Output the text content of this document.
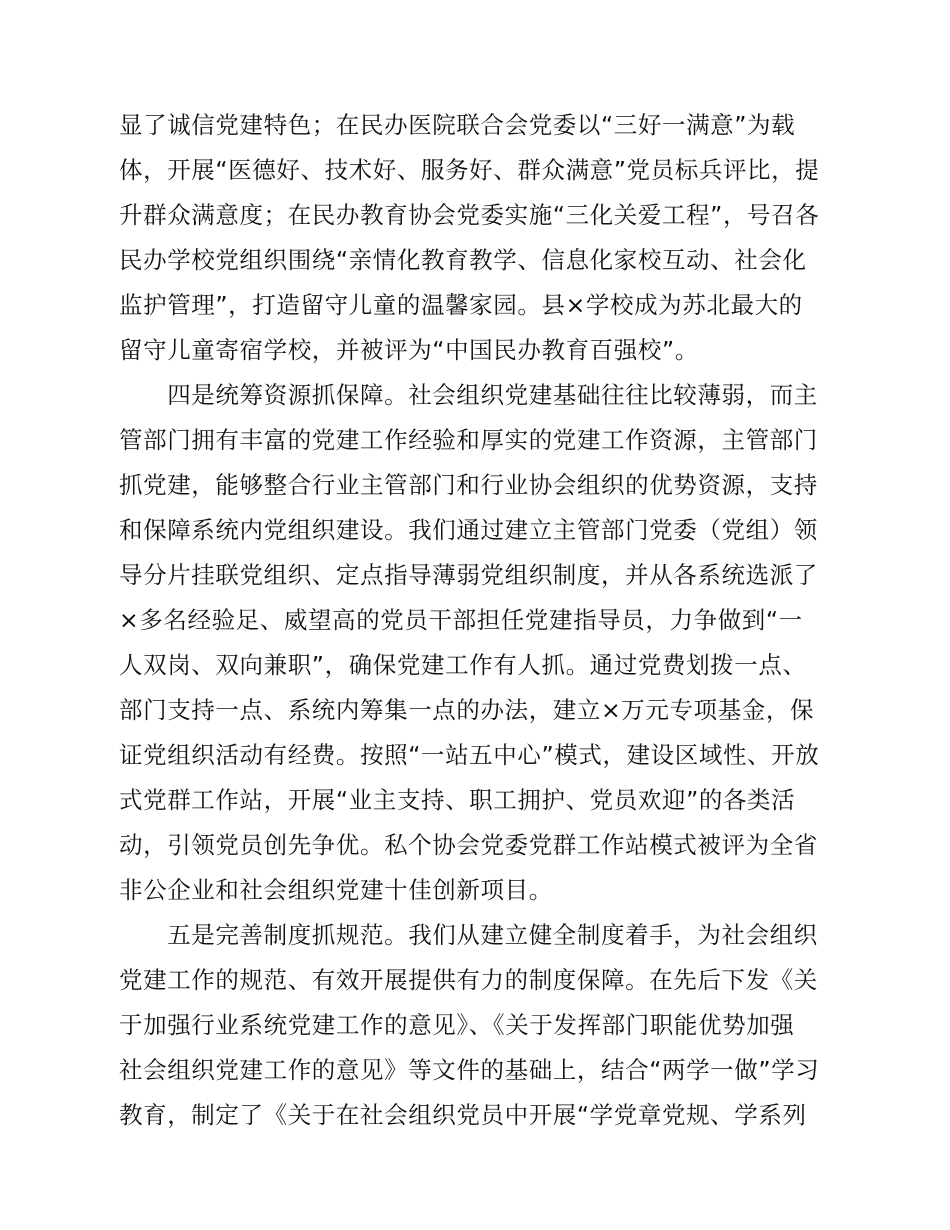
显了诚信党建特色；在民办医院联合会党委以“三好一满意”为载
体，开展“医德好、技术好、服务好、群众满意”党员标兵评比，提
升群众满意度；在民办教育协会党委实施“三化关爱工程”，号召各
民办学校党组织围绕“亲情化教育教学、信息化家校互动、社会化
监护管理”，打造留守儿童的温馨家园。县×学校成为苏北最大的
留守儿童寄宿学校，并被评为“中国民办教育百强校”。
　　四是统筹资源抓保障。社会组织党建基础往往比较薄弱，而主
管部门拥有丰富的党建工作经验和厚实的党建工作资源，主管部门
抓党建，能够整合行业主管部门和行业协会组织的优势资源，支持
和保障系统内党组织建设。我们通过建立主管部门党委（党组）领
导分片挂联党组织、定点指导薄弱党组织制度，并从各系统选派了
×多名经验足、威望高的党员干部担任党建指导员，力争做到“一
人双岗、双向兼职”，确保党建工作有人抓。通过党费划拨一点、
部门支持一点、系统内筹集一点的办法，建立×万元专项基金，保
证党组织活动有经费。按照“一站五中心”模式，建设区域性、开放
式党群工作站，开展“业主支持、职工拥护、党员欢迎”的各类活
动，引领党员创先争优。私个协会党委党群工作站模式被评为全省
非公企业和社会组织党建十佳创新项目。
　　五是完善制度抓规范。我们从建立健全制度着手，为社会组织
党建工作的规范、有效开展提供有力的制度保障。在先后下发《关
于加强行业系统党建工作的意见》、《关于发挥部门职能优势加强
社会组织党建工作的意见》等文件的基础上，结合“两学一做”学习
教育，制定了《关于在社会组织党员中开展“学党章党规、学系列
